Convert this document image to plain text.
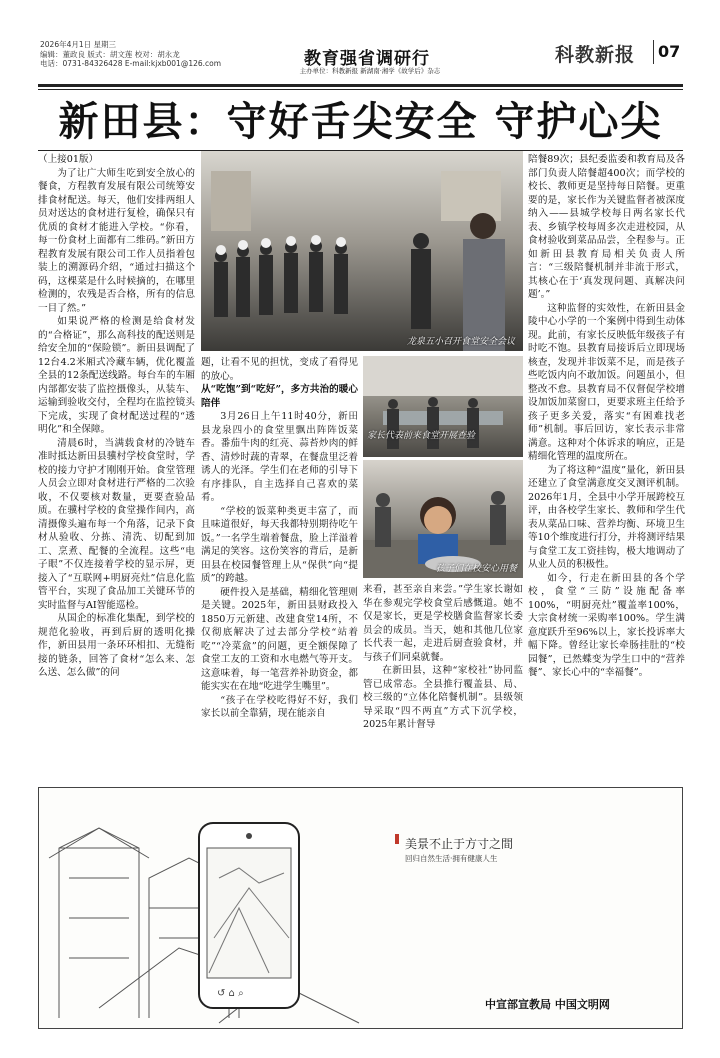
2026年4月1日 星期三
编辑：董政良 版式：胡文莲 校对：胡永龙
电话：0731-84326428 E-mail:kjxb001@126.com	教育强省调研行
主办单位：科教新报 新湖南·湘学《故学后》杂志
科教新报 07
新田县：守好舌尖安全 守护心尖

（上接01版）

为了让广大师生吃到安全放心的餐食，方程教育发展有限公司统筹安排食材配送。每天，他们安排两组人员对送达的食材进行复检，确保只有优质的食材才能进入学校。“你看，每一份食材上面都有二维码。”新田方程教育发展有限公司工作人员指着包装上的溯源码介绍，“通过扫描这个码，这棵菜是什么时候摘的，在哪里检测的，农残是否合格，所有的信息一目了然。”

如果说严格的检测是给食材发的“合格证”，那么高科技的配送则是给安全加的“保险锁”。新田县调配了12台4.2米厢式冷藏车辆，优化覆盖全县的12条配送线路。每台车的车厢内部都安装了监控摄像头，从装车、运输到验收交付，全程均在监控镜头下完成，实现了食材配送过程的“透明化”和全保障。

清晨6时，当满载食材的冷链车准时抵达新田县骥村学校食堂时，学校的接力守护才刚刚开始。食堂管理人员会立即对食材进行严格的二次验收，不仅要核对数量，更要查验品质。在骥村学校的食堂操作间内，高清摄像头遍布每一个角落，记录下食材从验收、分拣、清洗、切配到加工、烹煮、配餐的全流程。这些“电子眼”不仅连接着学校的显示屏，更接入了“互联网+明厨亮灶”信息化监管平台，实现了食品加工关键环节的实时监督与AI智能巡检。

从国企的标准化集配，到学校的规范化验收，再到后厨的透明化操作，新田县用一条环环相扣、无缝衔接的链条，回答了食材“怎么来、怎么送、怎么做”的问

龙泉五小召开食堂安全会议

题，让看不见的担忧，变成了看得见的放心。

从“吃饱”到“吃好”，多方共治的暖心陪伴

3月26日上午11时40分，新田县龙泉四小的食堂里飘出阵阵饭菜香。番茄牛肉的红亮、蒜苔炒肉的鲜香、清炒时蔬的青翠，在餐盘里泛着诱人的光泽。学生们在老师的引导下有序排队，自主选择自己喜欢的菜肴。

“学校的饭菜种类更丰富了，而且味道很好，每天我都特别期待吃午饭。”一名学生端着餐盘，脸上洋溢着满足的笑容。这份笑容的背后，是新田县在校园餐管理上从“保供”向“提质”的跨越。

硬件投入是基础，精细化管理则是关键。2025年，新田县财政投入1850万元新建、改建食堂14所，不仅彻底解决了过去部分学校“站着吃”“冷菜盒”的问题，更全额保障了食堂工友的工资和水电燃气等开支。这意味着，每一笔营养补助资金，都能实实在在地“吃进学生嘴里”。

“孩子在学校吃得好不好，我们家长以前全靠猜，现在能亲自

家长代表前来食堂开展查验
孩子们在校安心用餐

来看，甚至亲自来尝。”学生家长谢如华在参观完学校食堂后感慨道。她不仅是家长，更是学校膳食监督家长委员会的成员。当天，她和其他几位家长代表一起，走进后厨查验食材，并与孩子们同桌就餐。

在新田县，这种“家校社”协同监管已成常态。全县推行覆盖县、局、校三级的“立体化陪餐机制”。县级领导采取“四不两直”方式下沉学校，2025年累计督导

陪餐89次；县纪委监委和教育局及各部门负责人陪餐超400次；而学校的校长、教师更是坚持每日陪餐。更重要的是，家长作为关键监督者被深度纳入——县城学校每日两名家长代表、乡镇学校每周多次走进校园，从食材验收到菜品品尝，全程参与。正如新田县教育局相关负责人所言：“三级陪餐机制并非流于形式，其核心在于‘真发现问题、真解决问题’。”

这种监督的实效性，在新田县金陵中心小学的一个案例中得到生动体现。此前，有家长反映低年级孩子有时吃不饱。县教育局接诉后立即现场核查，发现并非饭菜不足，而是孩子些吃饭内向不敢加饭。问题虽小，但整改不怠。县教育局不仅督促学校增设加饭加菜窗口，更要求班主任给予孩子更多关爱，落实“有困难找老师”机制。事后回访，家长表示非常满意。这种对个体诉求的响应，正是精细化管理的温度所在。

为了将这种“温度”量化，新田县还建立了食堂满意度交叉测评机制。2026年1月，全县中小学开展跨校互评，由各校学生家长、教师和学生代表从菜品口味、营养均衡、环境卫生等10个维度进行打分，并将测评结果与食堂工友工资挂钩，极大地调动了从业人员的积极性。

如今，行走在新田县的各个学校，食堂“三防”设施配备率100%，“明厨亮灶”覆盖率100%，大宗食材统一采购率100%。学生满意度跃升至96%以上，家长投诉率大幅下降。曾经让家长牵肠挂肚的“校园餐”，已然蝶变为学生口中的“营养餐”、家长心中的“幸福餐”。

↺ ⌂ ⌕
美景不止于方寸之間
回归自然生活·拥有健康人生
中宣部宣教局 中国文明网
